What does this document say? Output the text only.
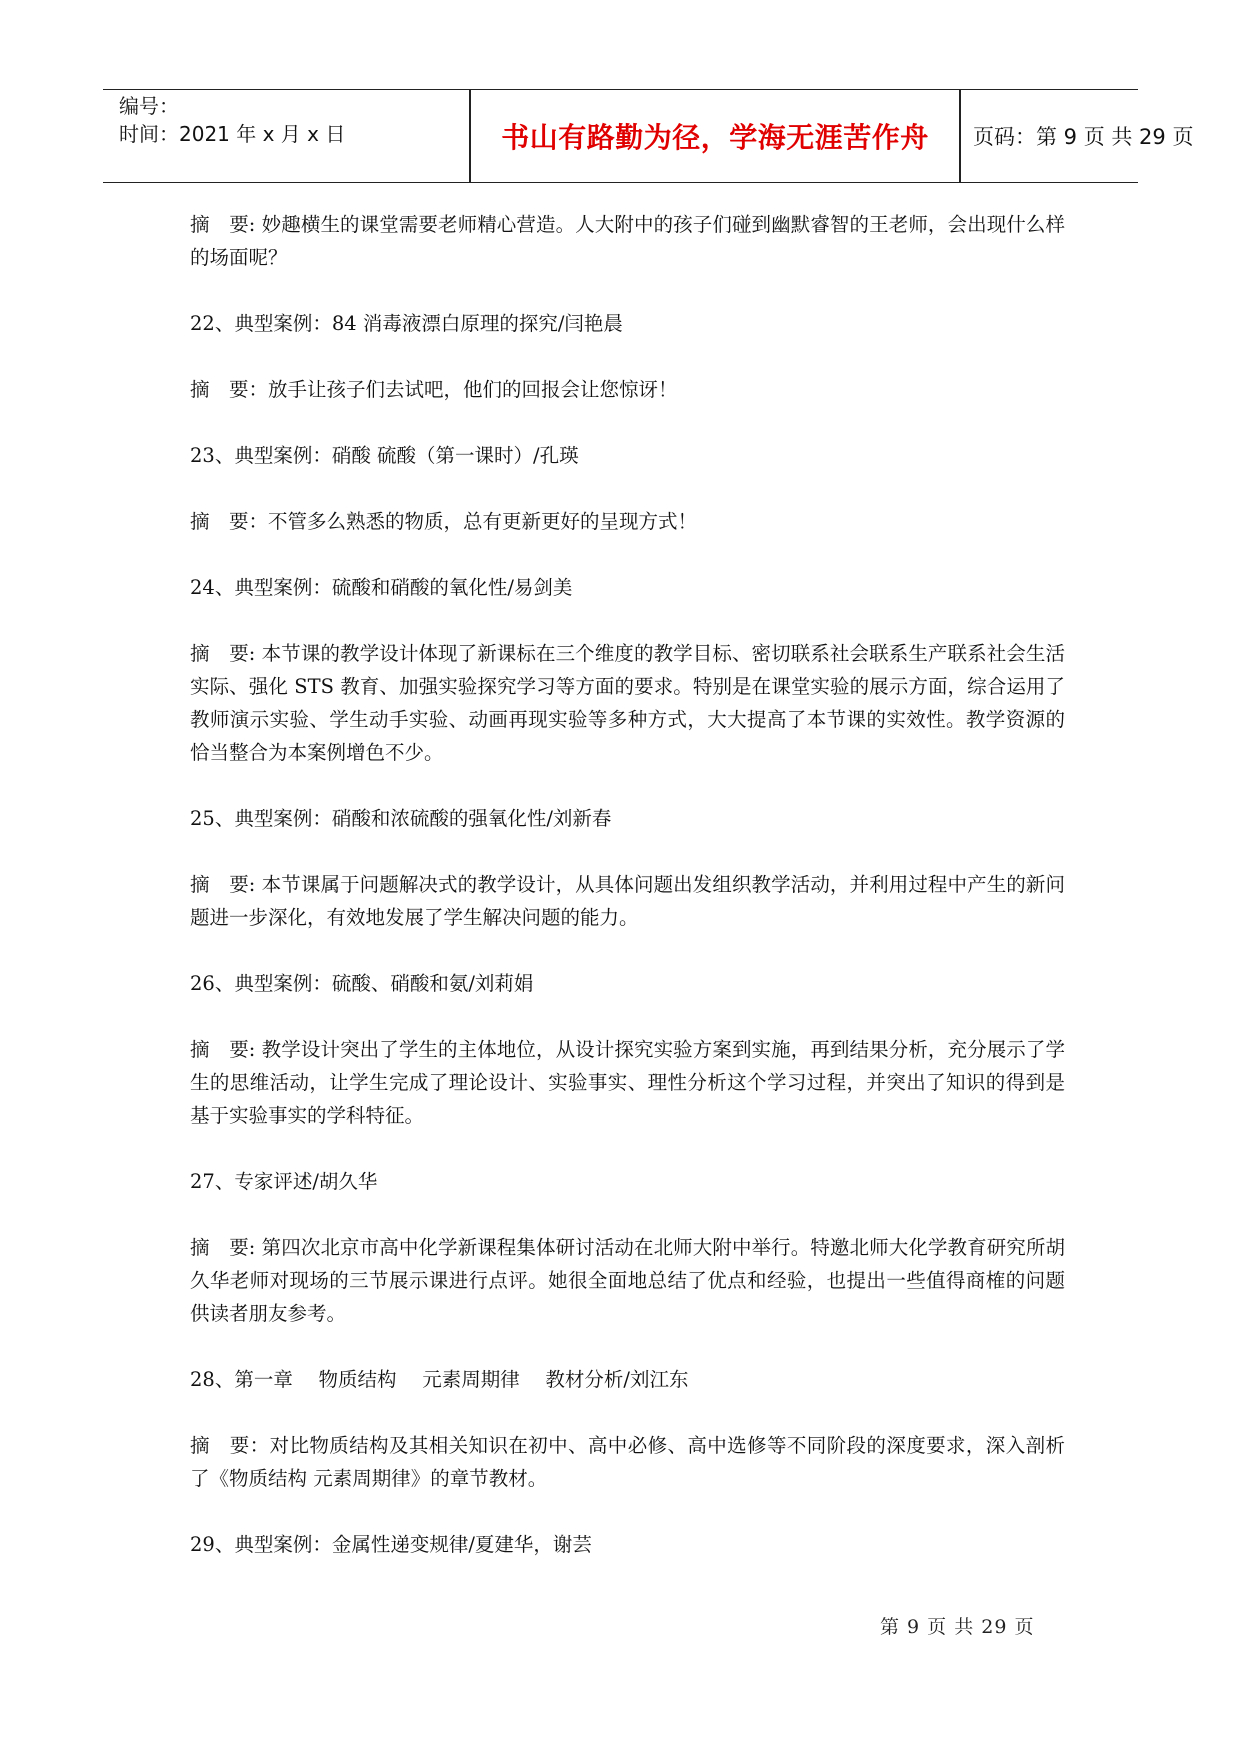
编号：
时间：2021 年 x 月 x 日	书山有路勤为径，学海无涯苦作舟	页码：第 9 页 共 29 页

摘　要: 妙趣横生的课堂需要老师精心营造。人大附中的孩子们碰到幽默睿智的王老师，会出现什么样的场面呢？

22、典型案例：84 消毒液漂白原理的探究/闫艳晨

摘　要：放手让孩子们去试吧，他们的回报会让您惊讶！

23、典型案例：硝酸 硫酸（第一课时）/孔瑛

摘　要：不管多么熟悉的物质，总有更新更好的呈现方式！

24、典型案例：硫酸和硝酸的氧化性/易剑美

摘　要: 本节课的教学设计体现了新课标在三个维度的教学目标、密切联系社会联系生产联系社会生活实际、强化 STS 教育、加强实验探究学习等方面的要求。特别是在课堂实验的展示方面，综合运用了教师演示实验、学生动手实验、动画再现实验等多种方式，大大提高了本节课的实效性。教学资源的恰当整合为本案例增色不少。

25、典型案例：硝酸和浓硫酸的强氧化性/刘新春

摘　要: 本节课属于问题解决式的教学设计，从具体问题出发组织教学活动，并利用过程中产生的新问题进一步深化，有效地发展了学生解决问题的能力。

26、典型案例：硫酸、硝酸和氨/刘莉娟

摘　要: 教学设计突出了学生的主体地位，从设计探究实验方案到实施，再到结果分析，充分展示了学生的思维活动，让学生完成了理论设计、实验事实、理性分析这个学习过程，并突出了知识的得到是基于实验事实的学科特征。

27、专家评述/胡久华

摘　要: 第四次北京市高中化学新课程集体研讨活动在北师大附中举行。特邀北师大化学教育研究所胡久华老师对现场的三节展示课进行点评。她很全面地总结了优点和经验，也提出一些值得商榷的问题供读者朋友参考。

28、第一章　 物质结构　 元素周期律　 教材分析/刘江东

摘　要：对比物质结构及其相关知识在初中、高中必修、高中选修等不同阶段的深度要求，深入剖析了《物质结构 元素周期律》的章节教材。

29、典型案例：金属性递变规律/夏建华，谢芸

第 9 页 共 29 页
